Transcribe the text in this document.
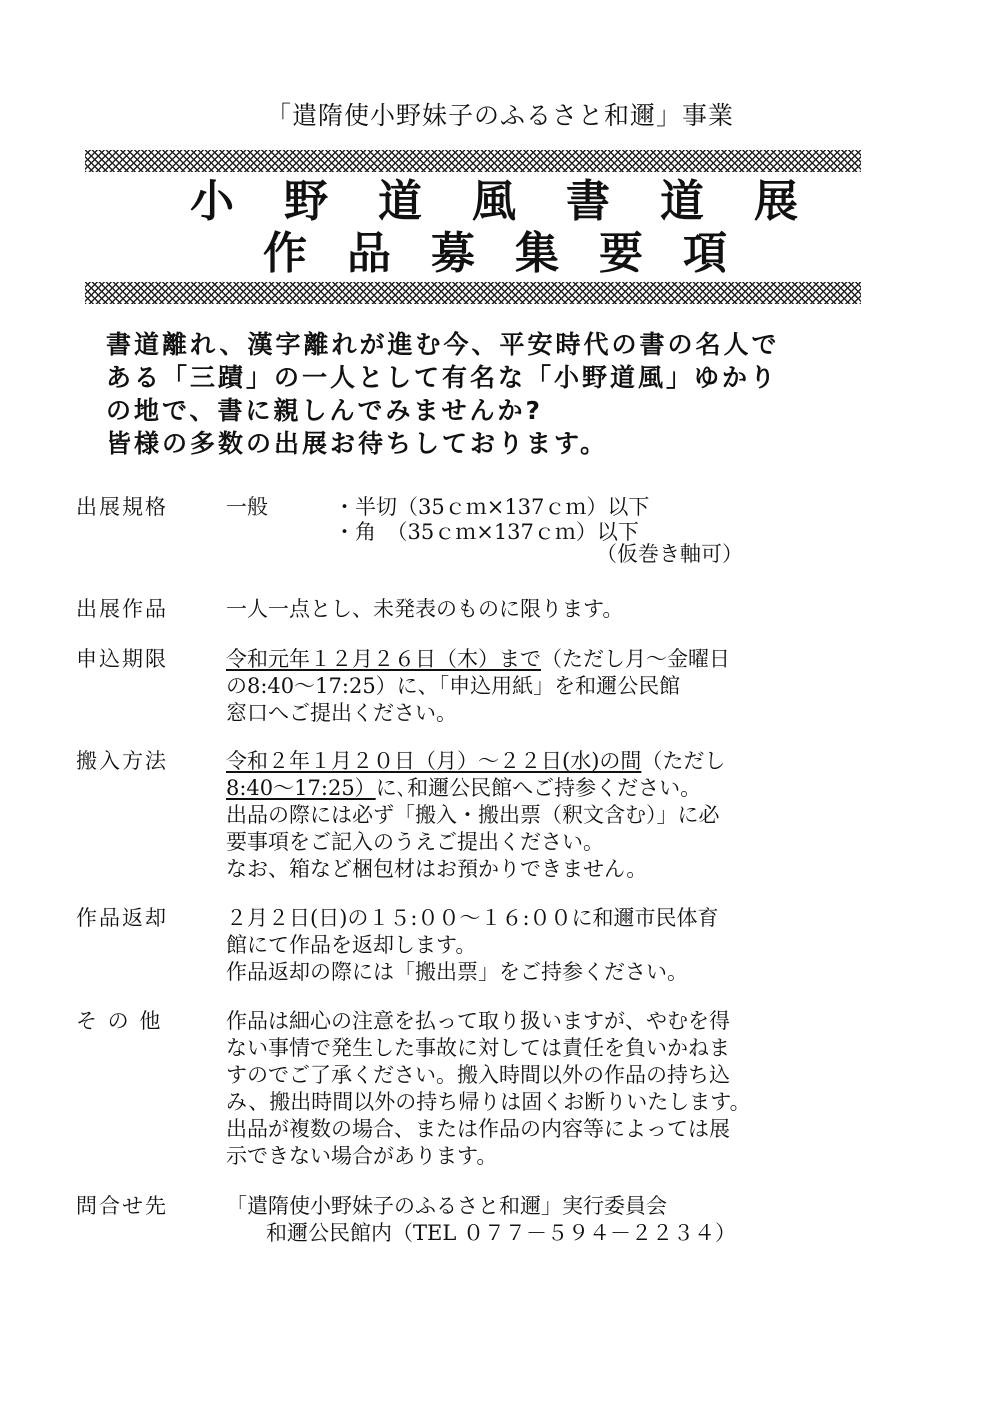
「遣隋使小野妹子のふるさと和邇」事業
小野道風書道展
作品募集要項
書道離れ、漢字離れが進む今、平安時代の書の名人で
ある「三蹟」の一人として有名な「小野道風」ゆかり
の地で、書に親しんでみませんか?
皆様の多数の出展お待ちしております。
出展規格	一般	・半切（35ｃｍ×137ｃｍ）以下
・角　（35ｃｍ×137ｃｍ）以下
（仮巻き軸可）
出展作品	一人一点とし、未発表のものに限ります。
申込期限	令和元年１２月２６日（木）まで（ただし月～金曜日
の8:40～17:25）に、「申込用紙」を和邇公民館
窓口へご提出ください。
搬入方法	令和２年１月２０日（月）～２２日(水)の間（ただし
8:40～17:25）に､和邇公民館へご持参ください。
出品の際には必ず「搬入・搬出票（釈文含む）」に必
要事項をご記入のうえご提出ください。
なお、箱など梱包材はお預かりできません。
作品返却	２月２日(日)の１５:００～１６:００に和邇市民体育
館にて作品を返却します。
作品返却の際には「搬出票」をご持参ください。
そ の 他	作品は細心の注意を払って取り扱いますが、やむを得
ない事情で発生した事故に対しては責任を負いかねま
すのでご了承ください。搬入時間以外の作品の持ち込
み、搬出時間以外の持ち帰りは固くお断りいたします。
出品が複数の場合、または作品の内容等によっては展
示できない場合があります。
問合せ先	「遣隋使小野妹子のふるさと和邇」実行委員会
和邇公民館内（TEL ０７７－５９４－２２３４）
